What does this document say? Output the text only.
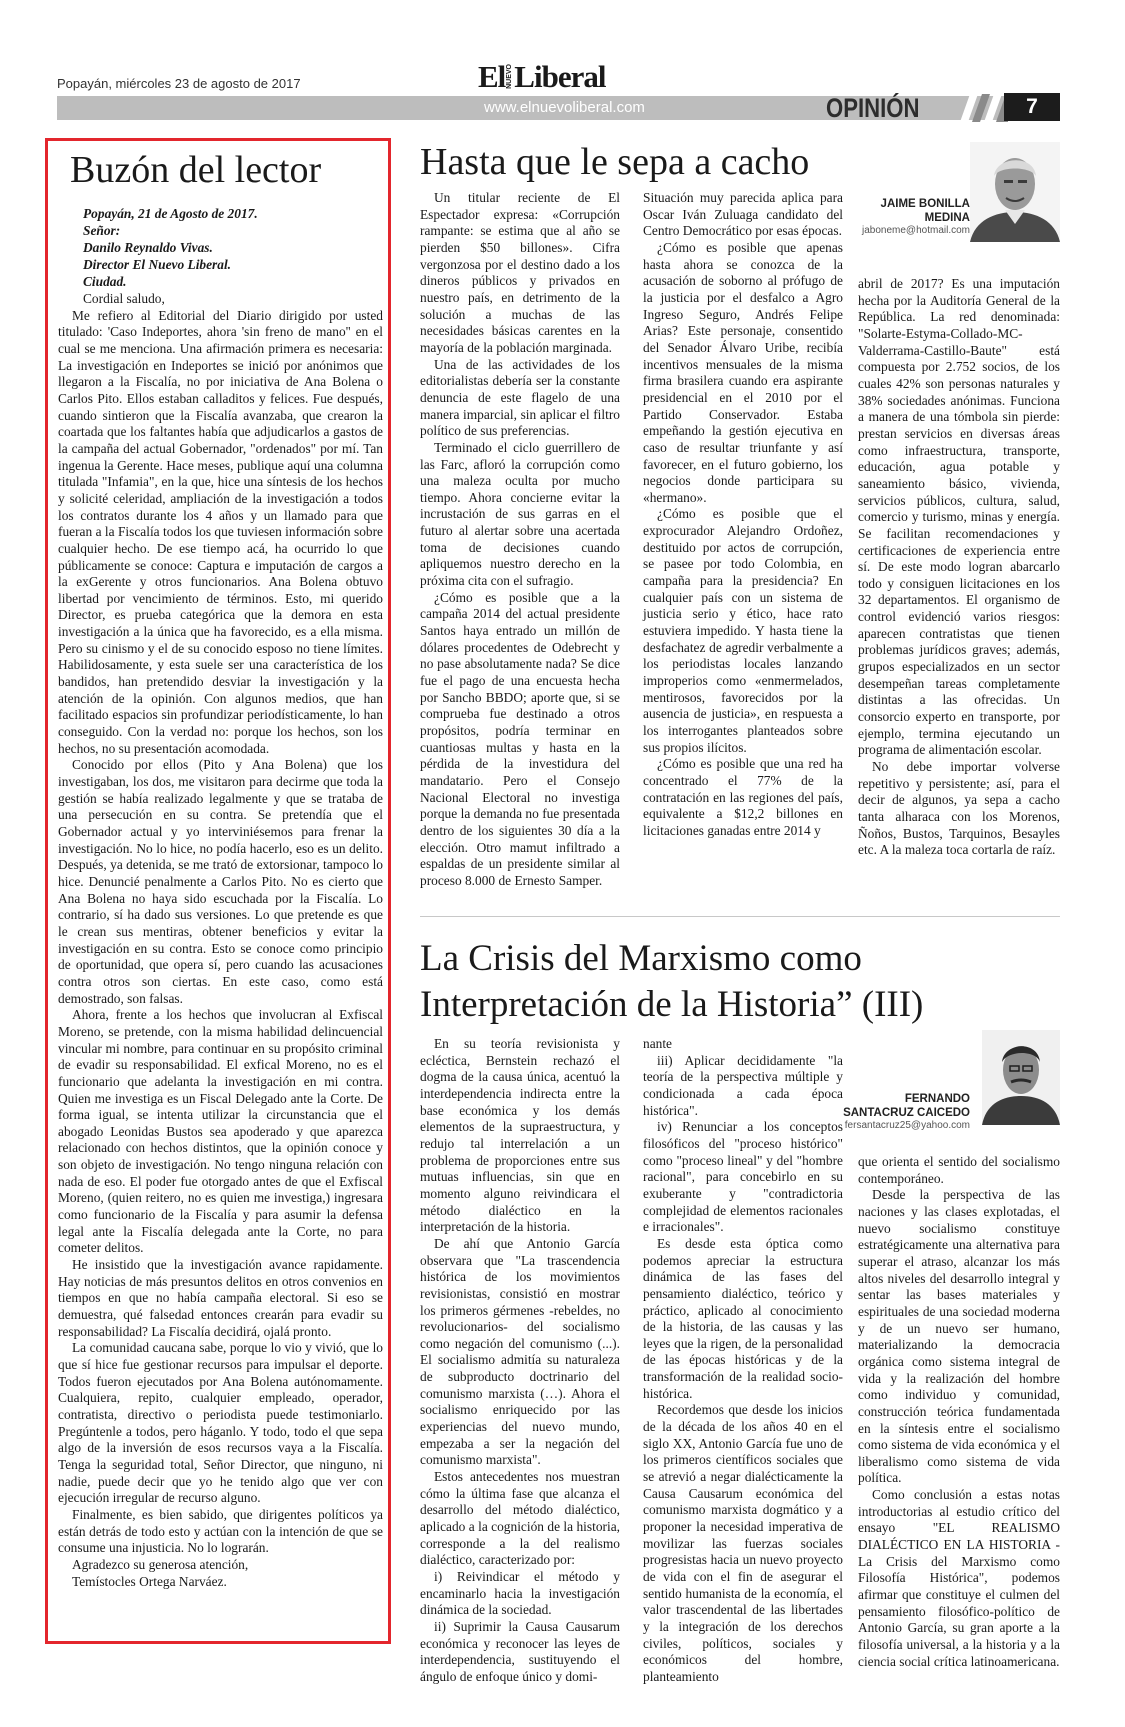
Popayán, miércoles 23 de agosto de 2017	El NUEVO Liberal
www.elnuevoliberal.com	OPINIÓN	7
Buzón del lector
Popayán, 21 de Agosto de 2017.
Señor:
Danilo Reynaldo Vivas.
Director El Nuevo Liberal.
Ciudad.

Cordial saludo,

Me refiero al Editorial del Diario dirigido por usted titulado: 'Caso Indeportes, ahora 'sin freno de mano'' en el cual se me menciona. Una afirmación primera es necesaria: La investigación en Indeportes se inició por anónimos que llegaron a la Fiscalía, no por iniciativa de Ana Bolena o Carlos Pito. Ellos estaban calladitos y felices. Fue después, cuando sintieron que la Fiscalía avanzaba, que crearon la coartada que los faltantes había que adjudicarlos a gastos de la campaña del actual Gobernador, "ordenados" por mí. Tan ingenua la Gerente. Hace meses, publique aquí una columna titulada "Infamia", en la que, hice una síntesis de los hechos y solicité celeridad, ampliación de la investigación a todos los contratos durante los 4 años y un llamado para que fueran a la Fiscalía todos los que tuviesen información sobre cualquier hecho. De ese tiempo acá, ha ocurrido lo que públicamente se conoce: Captura e imputación de cargos a la exGerente y otros funcionarios. Ana Bolena obtuvo libertad por vencimiento de términos. Esto, mi querido Director, es prueba categórica que la demora en esta investigación a la única que ha favorecido, es a ella misma. Pero su cinismo y el de su conocido esposo no tiene límites. Habilidosamente, y esta suele ser una característica de los bandidos, han pretendido desviar la investigación y la atención de la opinión. Con algunos medios, que han facilitado espacios sin profundizar periodísticamente, lo han conseguido. Con la verdad no: porque los hechos, son los hechos, no su presentación acomodada.

Conocido por ellos (Pito y Ana Bolena) que los investigaban, los dos, me visitaron para decirme que toda la gestión se había realizado legalmente y que se trataba de una persecución en su contra. Se pretendía que el Gobernador actual y yo interviniésemos para frenar la investigación. No lo hice, no podía hacerlo, eso es un delito. Después, ya detenida, se me trató de extorsionar, tampoco lo hice. Denuncié penalmente a Carlos Pito. No es cierto que Ana Bolena no haya sido escuchada por la Fiscalía. Lo contrario, sí ha dado sus versiones. Lo que pretende es que le crean sus mentiras, obtener beneficios y evitar la investigación en su contra. Esto se conoce como principio de oportunidad, que opera sí, pero cuando las acusaciones contra otros son ciertas. En este caso, como está demostrado, son falsas.

Ahora, frente a los hechos que involucran al Exfiscal Moreno, se pretende, con la misma habilidad delincuencial vincular mi nombre, para continuar en su propósito criminal de evadir su responsabilidad. El exfical Moreno, no es el funcionario que adelanta la investigación en mi contra. Quien me investiga es un Fiscal Delegado ante la Corte. De forma igual, se intenta utilizar la circunstancia que el abogado Leonidas Bustos sea apoderado y que aparezca relacionado con hechos distintos, que la opinión conoce y son objeto de investigación. No tengo ninguna relación con nada de eso. El poder fue otorgado antes de que el Exfiscal Moreno, (quien reitero, no es quien me investiga,) ingresara como funcionario de la Fiscalía y para asumir la defensa legal ante la Fiscalía delegada ante la Corte, no para cometer delitos.

He insistido que la investigación avance rapidamente. Hay noticias de más presuntos delitos en otros convenios en tiempos en que no había campaña electoral. Si eso se demuestra, qué falsedad entonces crearán para evadir su responsabilidad? La Fiscalía decidirá, ojalá pronto.

La comunidad caucana sabe, porque lo vio y vivió, que lo que sí hice fue gestionar recursos para impulsar el deporte. Todos fueron ejecutados por Ana Bolena autónomamente. Cualquiera, repito, cualquier empleado, operador, contratista, directivo o periodista puede testimoniarlo. Pregúntenle a todos, pero háganlo. Y todo, todo el que sepa algo de la inversión de esos recursos vaya a la Fiscalía. Tenga la seguridad total, Señor Director, que ninguno, ni nadie, puede decir que yo he tenido algo que ver con ejecución irregular de recurso alguno.

Finalmente, es bien sabido, que dirigentes políticos ya están detrás de todo esto y actúan con la intención de que se consume una injusticia. No lo lograrán.

Agradezco su generosa atención,

Temístocles Ortega Narváez.

Hasta que le sepa a cacho
JAIME BONILLA
MEDINA
jaboneme@hotmail.com

Un titular reciente de El Espectador expresa: «Corrupción rampante: se estima que al año se pierden $50 billones». Cifra vergonzosa por el destino dado a los dineros públicos y privados en nuestro país, en detrimento de la solución a muchas de las necesidades básicas carentes en la mayoría de la población marginada.

Una de las actividades de los editorialistas debería ser la constante denuncia de este flagelo de una manera imparcial, sin aplicar el filtro político de sus preferencias.

Terminado el ciclo guerrillero de las Farc, afloró la corrupción como una maleza oculta por mucho tiempo. Ahora concierne evitar la incrustación de sus garras en el futuro al alertar sobre una acertada toma de decisiones cuando apliquemos nuestro derecho en la próxima cita con el sufragio.

¿Cómo es posible que a la campaña 2014 del actual presidente Santos haya entrado un millón de dólares procedentes de Odebrecht y no pase absolutamente nada? Se dice fue el pago de una encuesta hecha por Sancho BBDO; aporte que, si se comprueba fue destinado a otros propósitos, podría terminar en cuantiosas multas y hasta en la pérdida de la investidura del mandatario. Pero el Consejo Nacional Electoral no investiga porque la demanda no fue presentada dentro de los siguientes 30 día a la elección. Otro mamut infiltrado a espaldas de un presidente similar al proceso 8.000 de Ernesto Samper.

Situación muy parecida aplica para Oscar Iván Zuluaga candidato del Centro Democrático por esas épocas.

¿Cómo es posible que apenas hasta ahora se conozca de la acusación de soborno al prófugo de la justicia por el desfalco a Agro Ingreso Seguro, Andrés Felipe Arias? Este personaje, consentido del Senador Álvaro Uribe, recibía incentivos mensuales de la misma firma brasilera cuando era aspirante presidencial en el 2010 por el Partido Conservador. Estaba empeñando la gestión ejecutiva en caso de resultar triunfante y así favorecer, en el futuro gobierno, los negocios donde participara su «hermano».

¿Cómo es posible que el exprocurador Alejandro Ordoñez, destituido por actos de corrupción, se pasee por todo Colombia, en campaña para la presidencia? En cualquier país con un sistema de justicia serio y ético, hace rato estuviera impedido. Y hasta tiene la desfachatez de agredir verbalmente a los periodistas locales lanzando improperios como «enmermelados, mentirosos, favorecidos por la ausencia de justicia», en respuesta a los interrogantes planteados sobre sus propios ilícitos.

¿Cómo es posible que una red ha concentrado el 77% de la contratación en las regiones del país, equivalente a $12,2 billones en licitaciones ganadas entre 2014 y

abril de 2017? Es una imputación hecha por la Auditoría General de la República. La red denominada: "Solarte-Estyma-Collado-MC-Valderrama-Castillo-Baute" está compuesta por 2.752 socios, de los cuales 42% son personas naturales y 38% sociedades anónimas. Funciona a manera de una tómbola sin pierde: prestan servicios en diversas áreas como infraestructura, transporte, educación, agua potable y saneamiento básico, vivienda, servicios públicos, cultura, salud, comercio y turismo, minas y energía. Se facilitan recomendaciones y certificaciones de experiencia entre sí. De este modo logran abarcarlo todo y consiguen licitaciones en los 32 departamentos. El organismo de control evidenció varios riesgos: aparecen contratistas que tienen problemas jurídicos graves; además, grupos especializados en un sector desempeñan tareas completamente distintas a las ofrecidas. Un consorcio experto en transporte, por ejemplo, termina ejecutando un programa de alimentación escolar.

No debe importar volverse repetitivo y persistente; así, para el decir de algunos, ya sepa a cacho tanta alharaca con los Morenos, Ñoños, Bustos, Tarquinos, Besayles etc. A la maleza toca cortarla de raíz.

La Crisis del Marxismo como
Interpretación de la Historia” (III)
FERNANDO
SANTACRUZ CAICEDO
fersantacruz25@yahoo.com

En su teoría revisionista y ecléctica, Bernstein rechazó el dogma de la causa única, acentuó la interdependencia indirecta entre la base económica y los demás elementos de la supraestructura, y redujo tal interrelación a un problema de proporciones entre sus mutuas influencias, sin que en momento alguno reivindicara el método dialéctico en la interpretación de la historia.

De ahí que Antonio García observara que "La trascendencia histórica de los movimientos revisionistas, consistió en mostrar los primeros gérmenes -rebeldes, no revolucionarios- del socialismo como negación del comunismo (...). El socialismo admitía su naturaleza de subproducto doctrinario del comunismo marxista (…). Ahora el socialismo enriquecido por las experiencias del nuevo mundo, empezaba a ser la negación del comunismo marxista".

Estos antecedentes nos muestran cómo la última fase que alcanza el desarrollo del método dialéctico, aplicado a la cognición de la historia, corresponde a la del realismo dialéctico, caracterizado por:

i) Reivindicar el método y encaminarlo hacia la investigación dinámica de la sociedad.

ii) Suprimir la Causa Causarum económica y reconocer las leyes de interdependencia, sustituyendo el ángulo de enfoque único y domi-

nante

iii) Aplicar decididamente "la teoría de la perspectiva múltiple y condicionada a cada época histórica".

iv) Renunciar a los conceptos filosóficos del "proceso histórico" como "proceso lineal" y del "hombre racional", para concebirlo en su exuberante y "contradictoria complejidad de elementos racionales e irracionales".

Es desde esta óptica como podemos apreciar la estructura dinámica de las fases del pensamiento dialéctico, teórico y práctico, aplicado al conocimiento de la historia, de las causas y las leyes que la rigen, de la personalidad de las épocas históricas y de la transformación de la realidad socio-histórica.

Recordemos que desde los inicios de la década de los años 40 en el siglo XX, Antonio García fue uno de los primeros científicos sociales que se atrevió a negar dialécticamente la Causa Causarum económica del comunismo marxista dogmático y a proponer la necesidad imperativa de movilizar las fuerzas sociales progresistas hacia un nuevo proyecto de vida con el fin de asegurar el sentido humanista de la economía, el valor trascendental de las libertades y la integración de los derechos civiles, políticos, sociales y económicos del hombre, planteamiento

que orienta el sentido del socialismo contemporáneo.

Desde la perspectiva de las naciones y las clases explotadas, el nuevo socialismo constituye estratégicamente una alternativa para superar el atraso, alcanzar los más altos niveles del desarrollo integral y sentar las bases materiales y espirituales de una sociedad moderna y de un nuevo ser humano, materializando la democracia orgánica como sistema integral de vida y la realización del hombre como individuo y comunidad, construcción teórica fundamentada en la síntesis entre el socialismo como sistema de vida económica y el liberalismo como sistema de vida política.

Como conclusión a estas notas introductorias al estudio crítico del ensayo "EL REALISMO DIALÉCTICO EN LA HISTORIA - La Crisis del Marxismo como Filosofía Histórica", podemos afirmar que constituye el culmen del pensamiento filosófico-político de Antonio García, su gran aporte a la filosofía universal, a la historia y a la ciencia social crítica latinoamericana.
